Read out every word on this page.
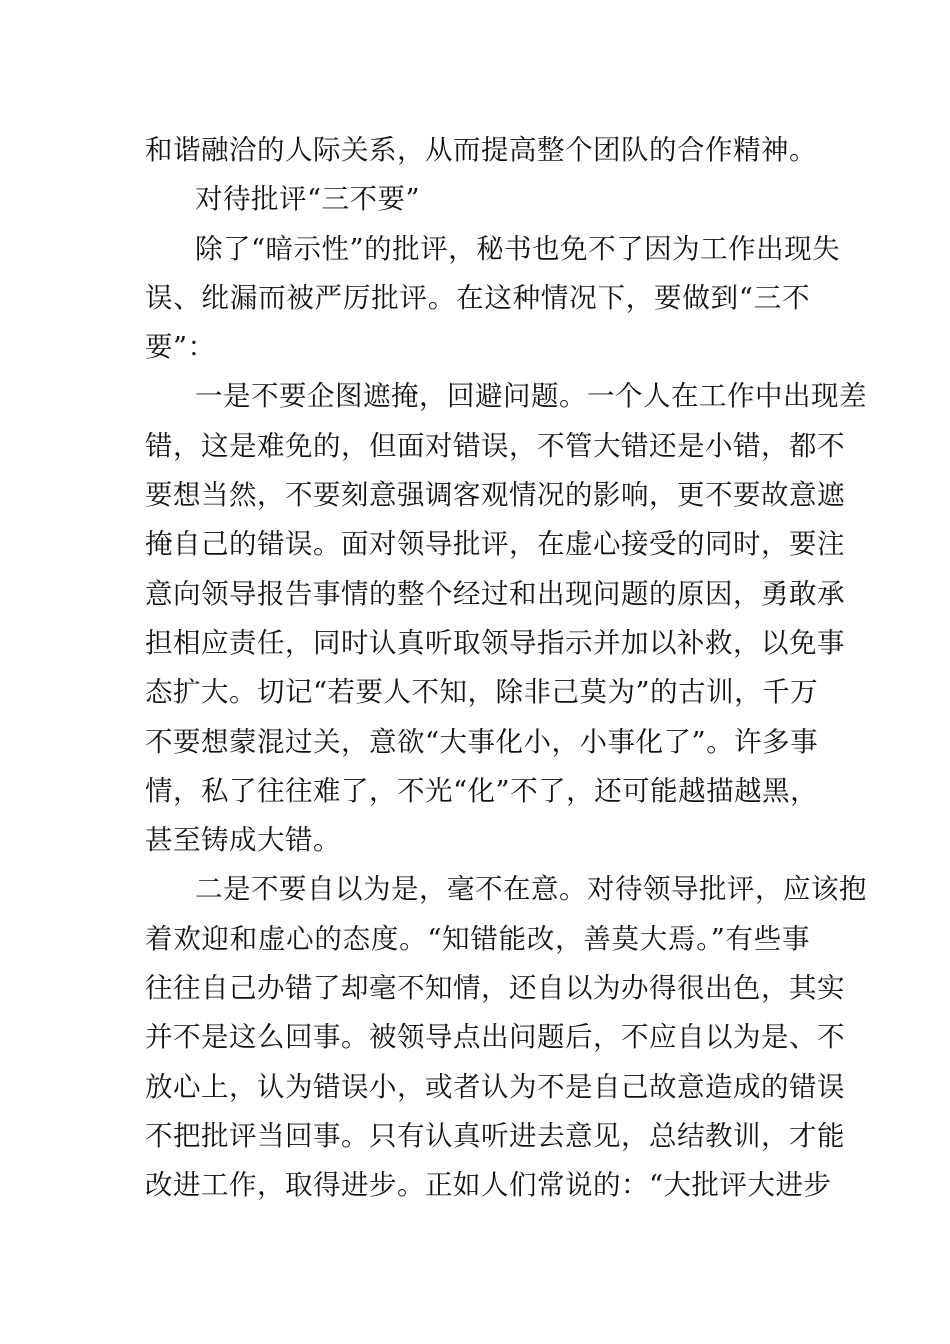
和谐融洽的人际关系，从而提高整个团队的合作精神。
对待批评“三不要”
除了“暗示性”的批评，秘书也免不了因为工作出现失
误、纰漏而被严厉批评。在这种情况下，要做到“三不
要”：
一是不要企图遮掩，回避问题。一个人在工作中出现差
错，这是难免的，但面对错误，不管大错还是小错，都不
要想当然，不要刻意强调客观情况的影响，更不要故意遮
掩自己的错误。面对领导批评，在虚心接受的同时，要注
意向领导报告事情的整个经过和出现问题的原因，勇敢承
担相应责任，同时认真听取领导指示并加以补救，以免事
态扩大。切记“若要人不知，除非己莫为”的古训，千万
不要想蒙混过关，意欲“大事化小，小事化了”。许多事
情，私了往往难了，不光“化”不了，还可能越描越黑，
甚至铸成大错。
二是不要自以为是，毫不在意。对待领导批评，应该抱
着欢迎和虚心的态度。“知错能改，善莫大焉。”有些事
往往自己办错了却毫不知情，还自以为办得很出色，其实
并不是这么回事。被领导点出问题后，不应自以为是、不
放心上，认为错误小，或者认为不是自己故意造成的错误
不把批评当回事。只有认真听进去意见，总结教训，才能
改进工作，取得进步。正如人们常说的：“大批评大进步
